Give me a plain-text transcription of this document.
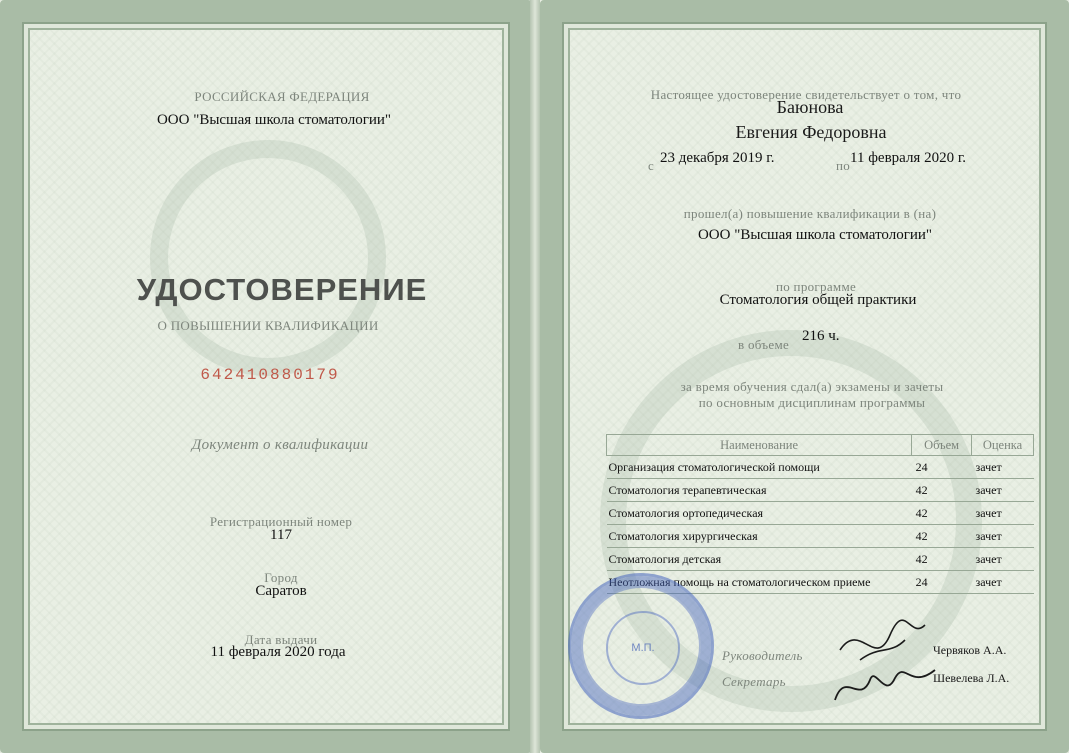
РОССИЙСКАЯ ФЕДЕРАЦИЯ
ООО "Высшая школа стоматологии"
УДОСТОВЕРЕНИЕ
О ПОВЫШЕНИИ КВАЛИФИКАЦИИ
642410880179
Документ о квалификации
Регистрационный номер
117
Город
Саратов
Дата выдачи
11 февраля 2020 года
Настоящее удостоверение свидетельствует о том, что
Баюнова
Евгения Федоровна
с 23 декабря 2019 г.	по 11 февраля 2020 г.
прошел(а) повышение квалификации в (на)
ООО "Высшая школа стоматологии"
по программе
Стоматология общей практики
в объеме
216 ч.
за время обучения сдал(а) экзамены и зачеты
по основным дисциплинам программы
Наименование	Объем	Оценка
Организация стоматологической помощи	24	зачет
Стоматология терапевтическая	42	зачет
Стоматология ортопедическая	42	зачет
Стоматология хирургическая	42	зачет
Стоматология детская	42	зачет
Неотложная помощь на стоматологическом приеме	24	зачет
М.П.	Руководитель	Червяков А.А.
Секретарь	Шевелева Л.А.
